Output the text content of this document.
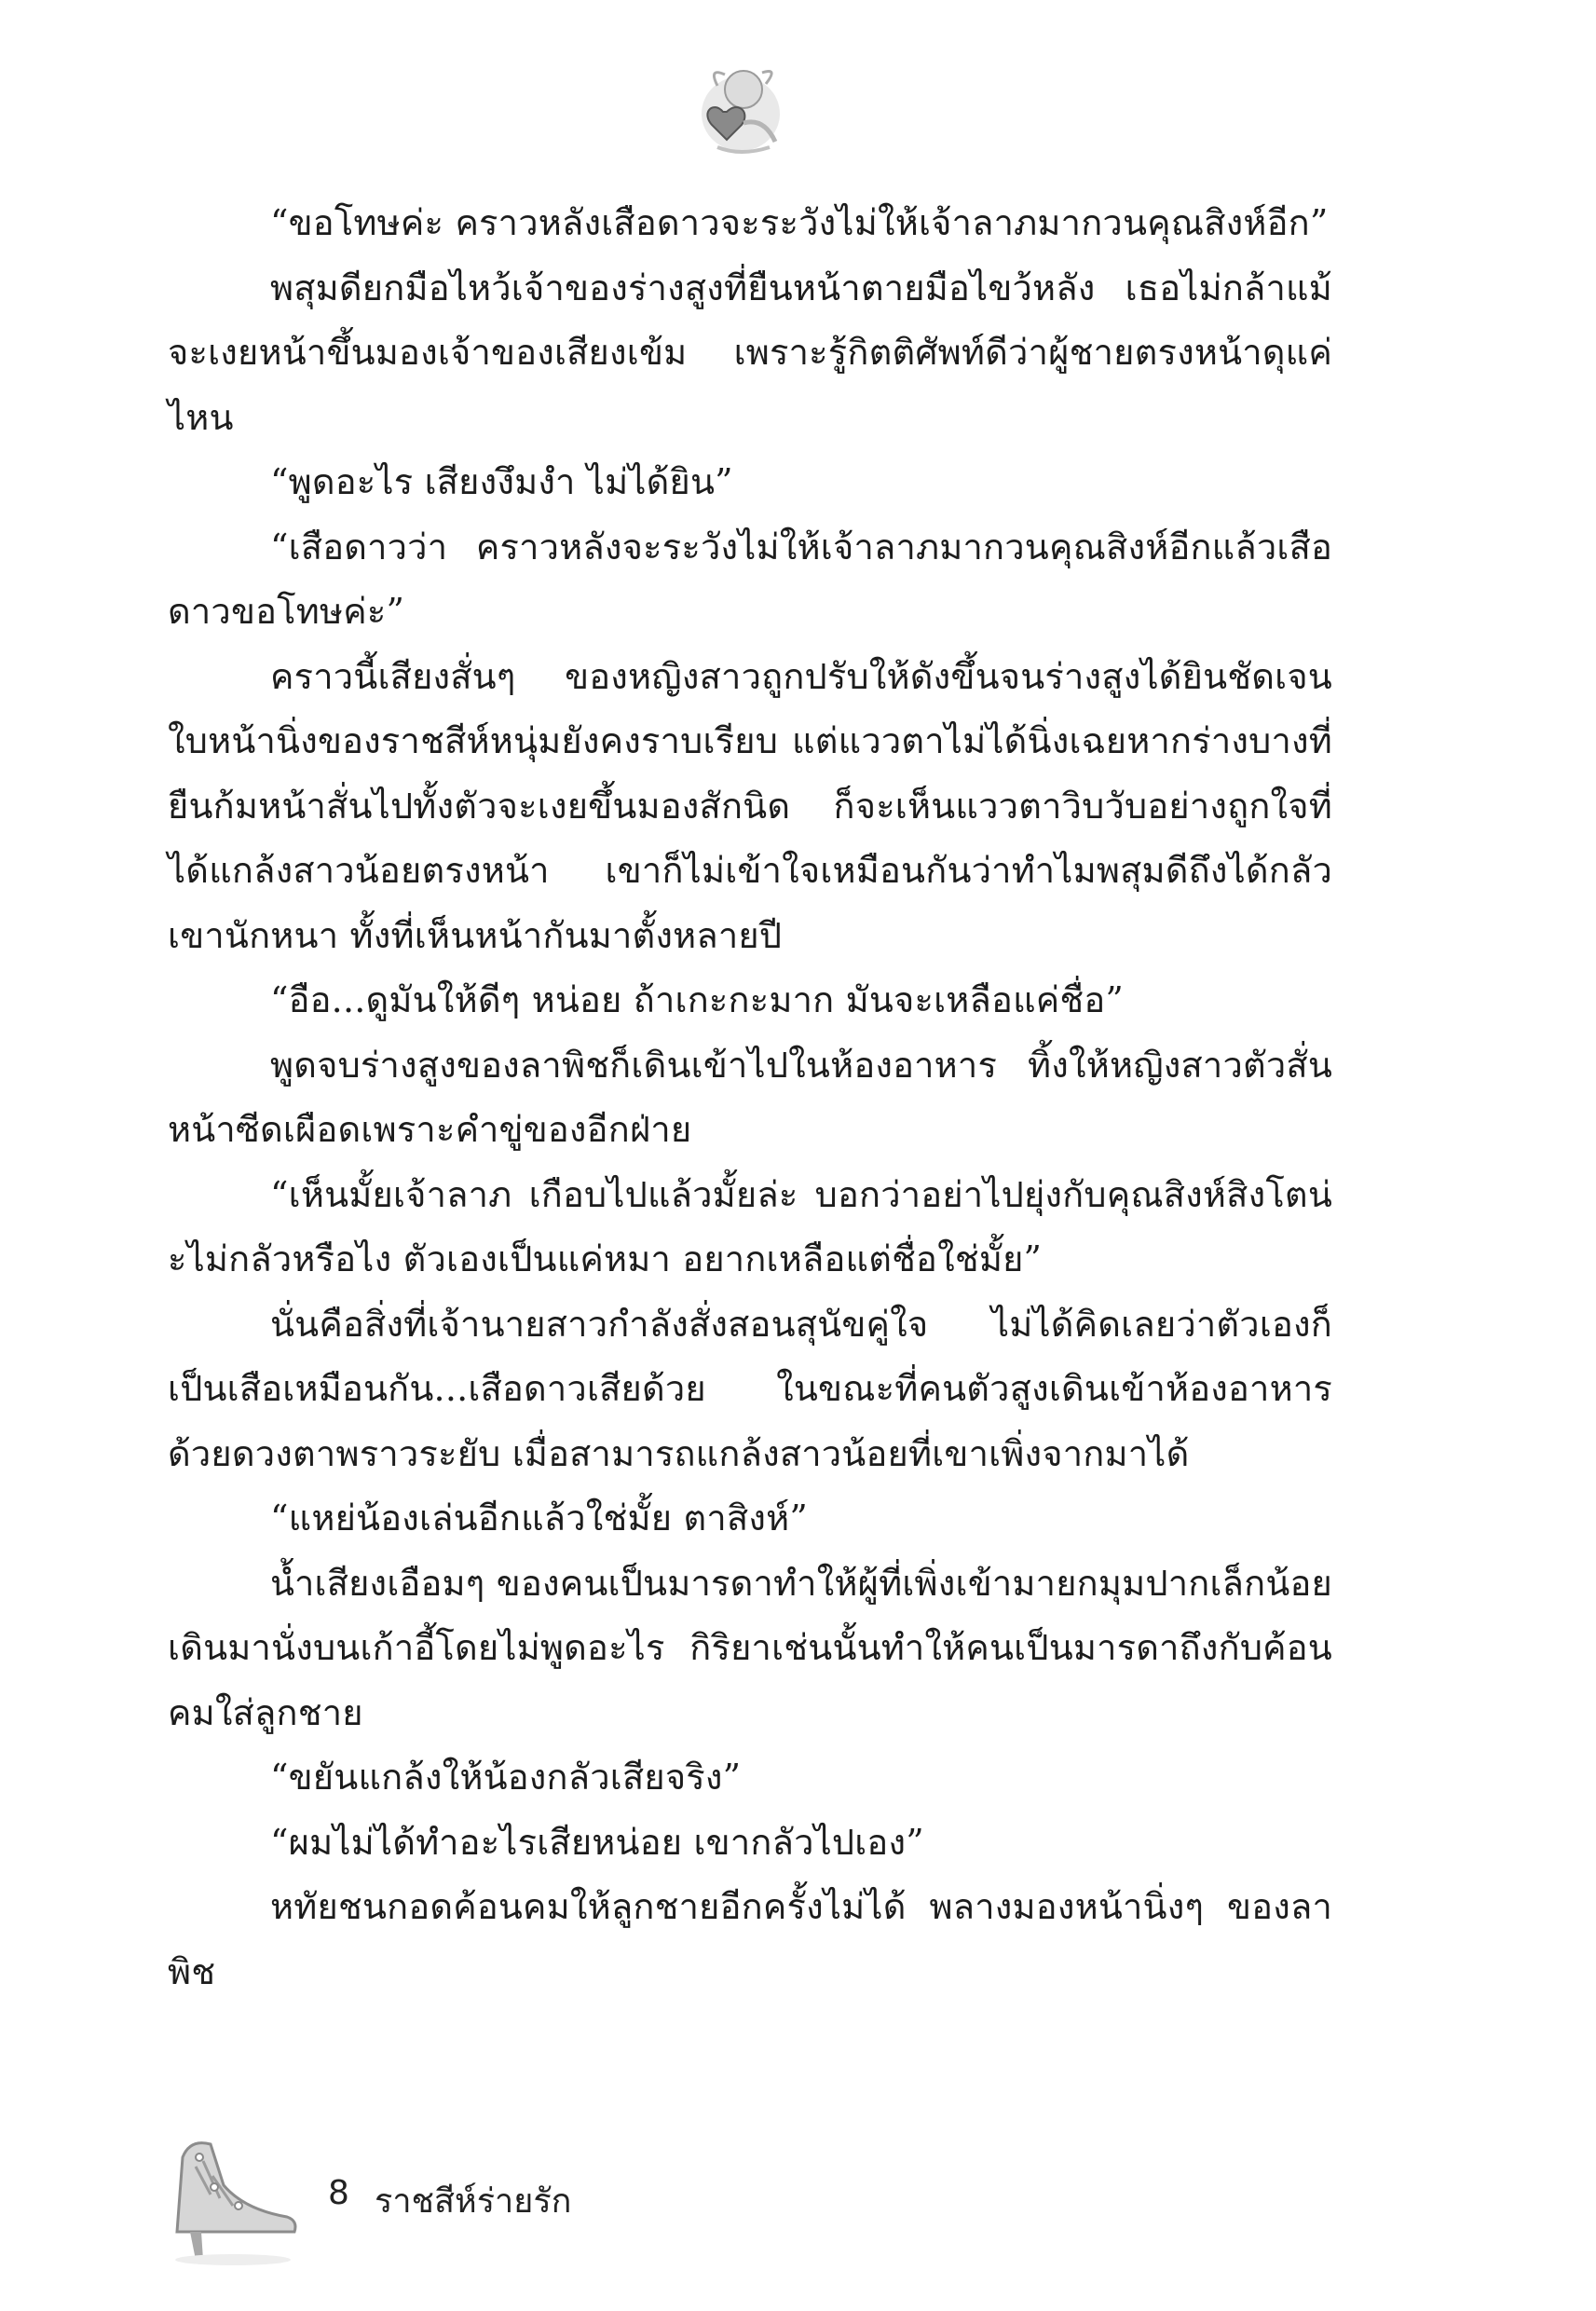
“ขอโทษค่ะ คราวหลังเสือดาวจะระวังไม่ให้เจ้าลาภมากวนคุณสิงห์อีก”

พสุมดียกมือไหว้เจ้าของร่างสูงที่ยืนหน้าตายมือไขว้หลัง เธอไม่กล้าแม้จะเงยหน้าขึ้นมองเจ้าของเสียงเข้ม เพราะรู้กิตติศัพท์ดีว่าผู้ชายตรงหน้าดุแค่ไหน

“พูดอะไร เสียงงึมงำ ไม่ได้ยิน”

“เสือดาวว่า คราวหลังจะระวังไม่ให้เจ้าลาภมากวนคุณสิงห์อีกแล้วเสือดาวขอโทษค่ะ”

คราวนี้เสียงสั่นๆ ของหญิงสาวถูกปรับให้ดังขึ้นจนร่างสูงได้ยินชัดเจน ใบหน้านิ่งของราชสีห์หนุ่มยังคงราบเรียบ แต่แววตาไม่ได้นิ่งเฉยหากร่างบางที่ยืนก้มหน้าสั่นไปทั้งตัวจะเงยขึ้นมองสักนิด ก็จะเห็นแววตาวิบวับอย่างถูกใจที่ได้แกล้งสาวน้อยตรงหน้า เขาก็ไม่เข้าใจเหมือนกันว่าทำไมพสุมดีถึงได้กลัวเขานักหนา ทั้งที่เห็นหน้ากันมาตั้งหลายปี

“อือ...ดูมันให้ดีๆ หน่อย ถ้าเกะกะมาก มันจะเหลือแค่ชื่อ”

พูดจบร่างสูงของลาพิชก็เดินเข้าไปในห้องอาหาร ทิ้งให้หญิงสาวตัวสั่นหน้าซีดเผือดเพราะคำขู่ของอีกฝ่าย

“เห็นมั้ยเจ้าลาภ เกือบไปแล้วมั้ยล่ะ บอกว่าอย่าไปยุ่งกับคุณสิงห์สิงโตน่ะไม่กลัวหรือไง ตัวเองเป็นแค่หมา อยากเหลือแต่ชื่อใช่มั้ย”

นั่นคือสิ่งที่เจ้านายสาวกำลังสั่งสอนสุนัขคู่ใจ ไม่ได้คิดเลยว่าตัวเองก็เป็นเสือเหมือนกัน...เสือดาวเสียด้วย ในขณะที่คนตัวสูงเดินเข้าห้องอาหารด้วยดวงตาพราวระยับ เมื่อสามารถแกล้งสาวน้อยที่เขาเพิ่งจากมาได้

“แหย่น้องเล่นอีกแล้วใช่มั้ย ตาสิงห์”

น้ำเสียงเอือมๆ ของคนเป็นมารดาทำให้ผู้ที่เพิ่งเข้ามายกมุมปากเล็กน้อย เดินมานั่งบนเก้าอี้โดยไม่พูดอะไร กิริยาเช่นนั้นทำให้คนเป็นมารดาถึงกับค้อนคมใส่ลูกชาย

“ขยันแกล้งให้น้องกลัวเสียจริง”

“ผมไม่ได้ทำอะไรเสียหน่อย เขากลัวไปเอง”

หทัยชนกอดค้อนคมให้ลูกชายอีกครั้งไม่ได้ พลางมองหน้านิ่งๆ ของลาพิช

8 ราชสีห์ร่ายรัก
